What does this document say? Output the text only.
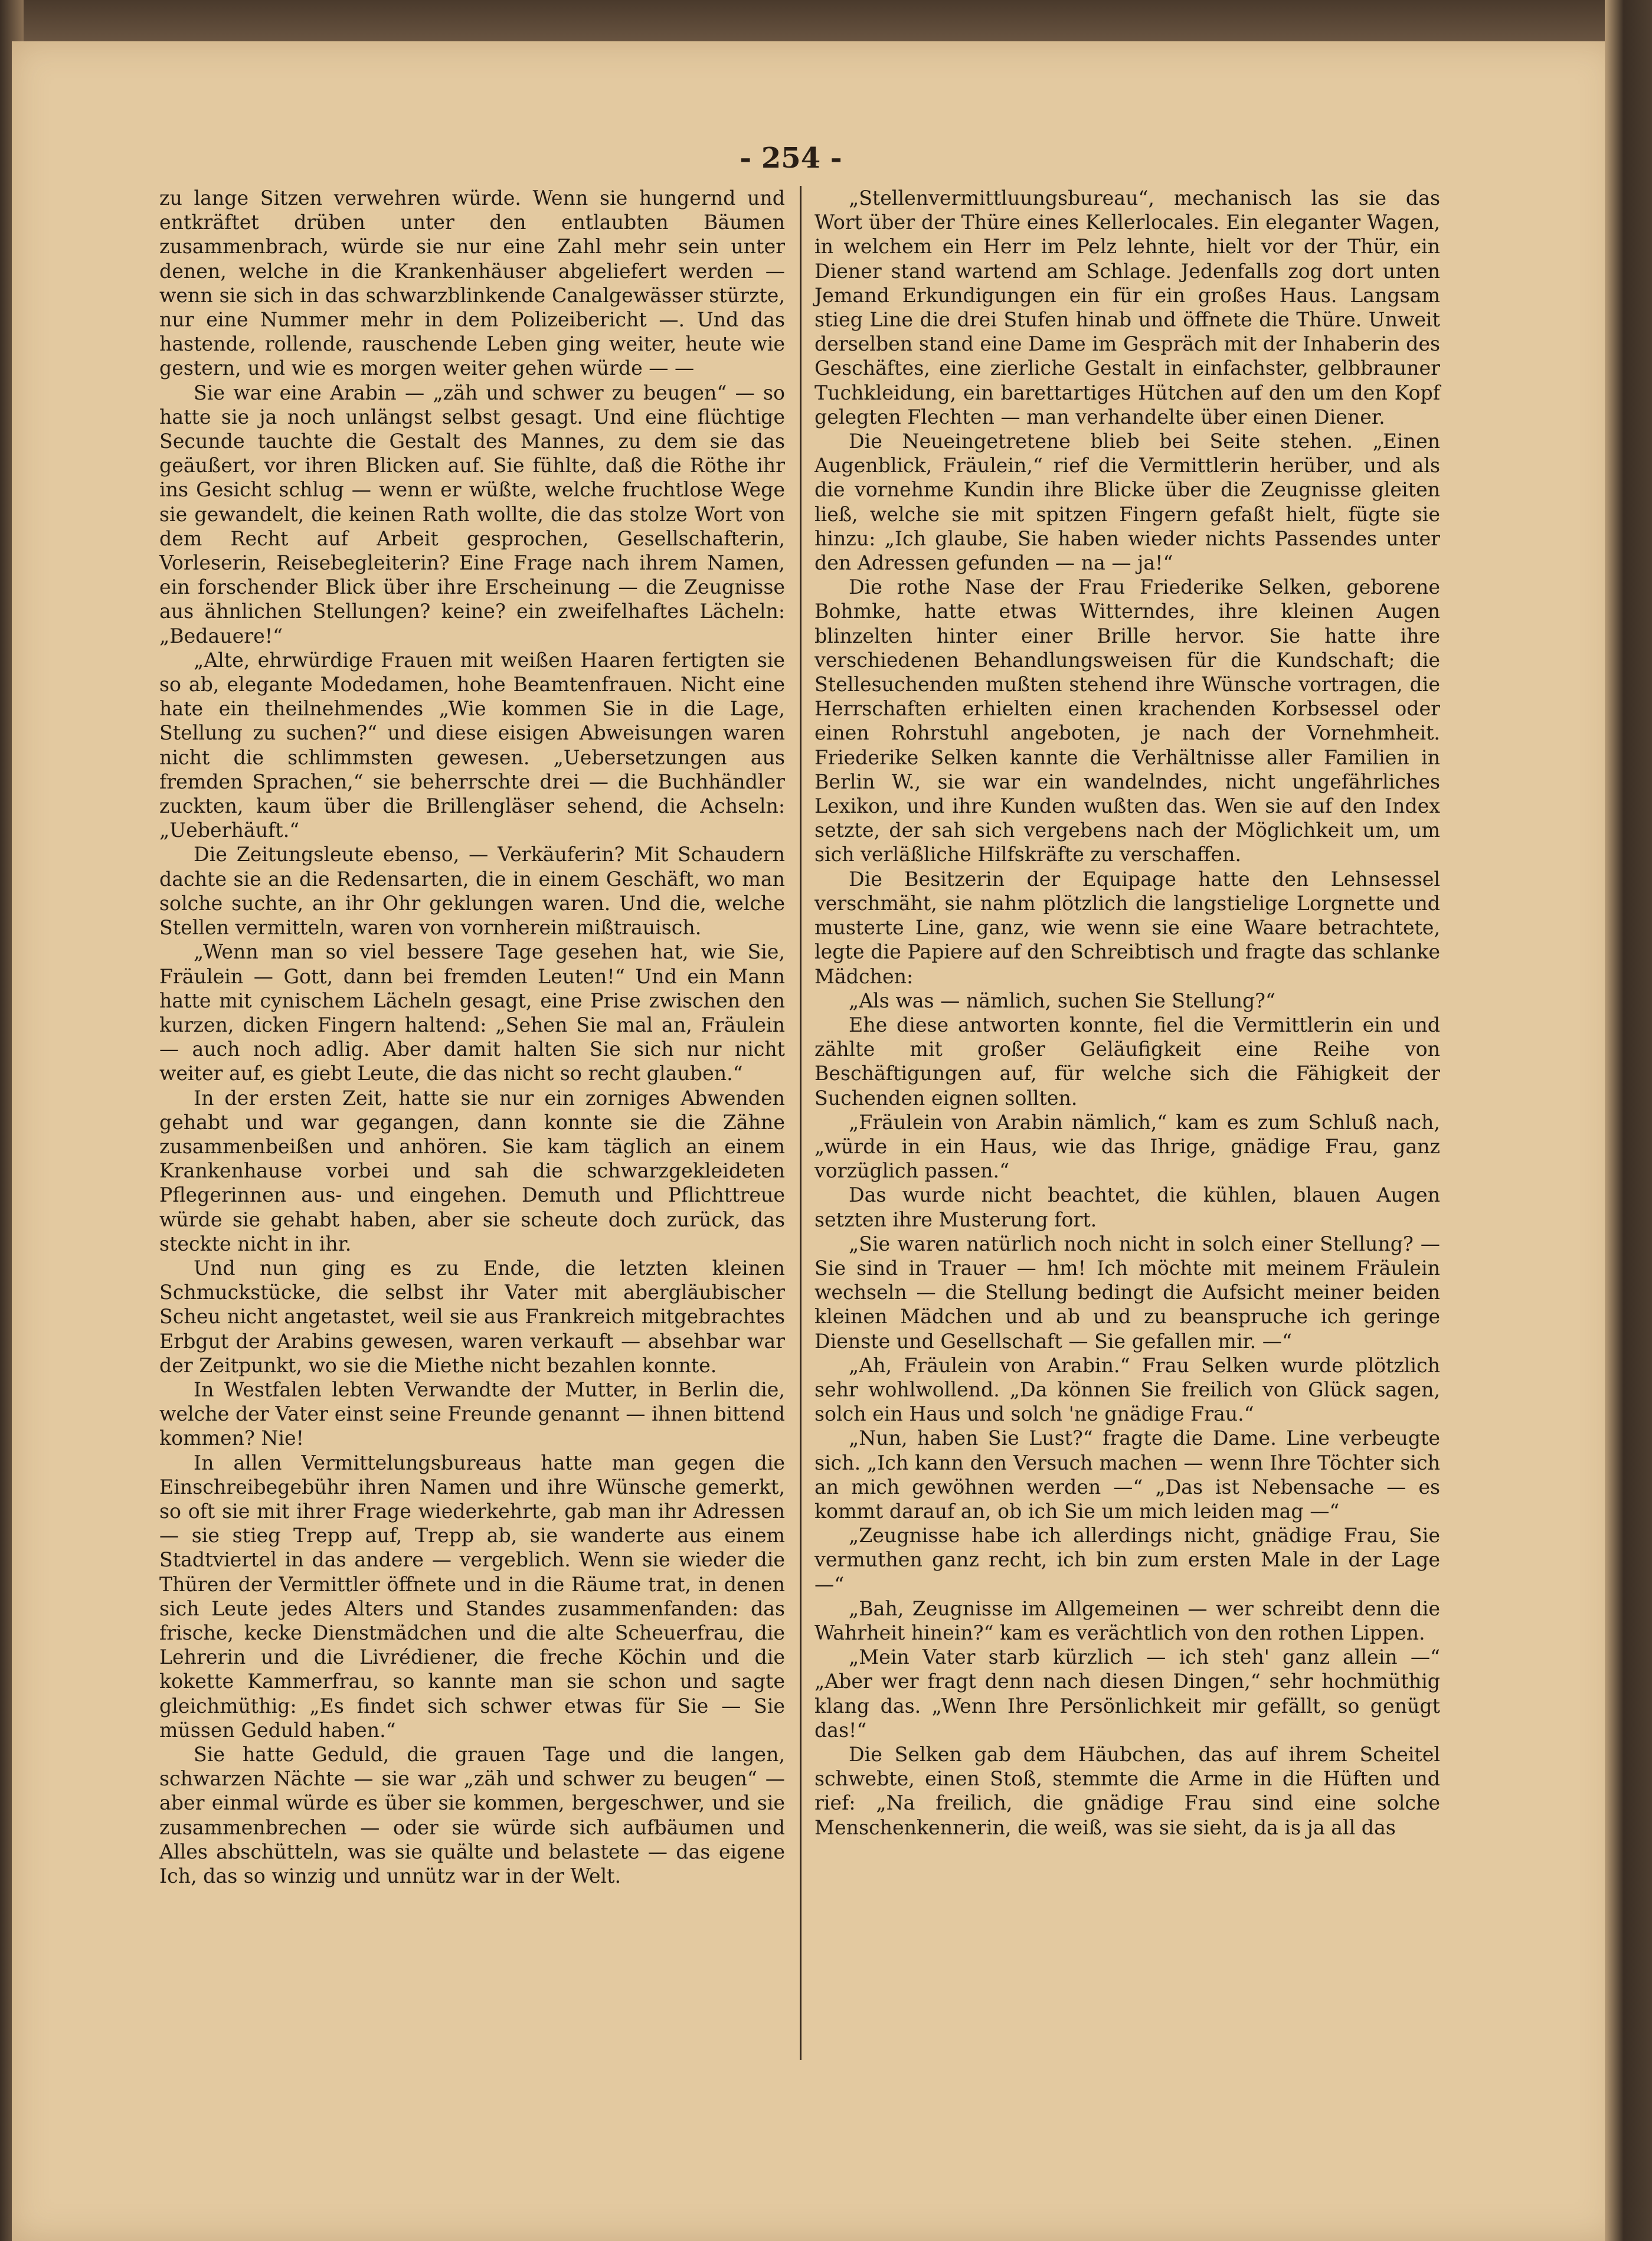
- 254 -

zu lange Sitzen verwehren würde. Wenn sie hungernd und entkräftet drüben unter den entlaubten Bäumen zusammenbrach, würde sie nur eine Zahl mehr sein unter denen, welche in die Krankenhäuser abgeliefert werden — wenn sie sich in das schwarzblinkende Canalgewässer stürzte, nur eine Nummer mehr in dem Polizeibericht —. Und das hastende, rollende, rauschende Leben ging weiter, heute wie gestern, und wie es morgen weiter gehen würde — —

Sie war eine Arabin — „zäh und schwer zu beugen“ — so hatte sie ja noch unlängst selbst gesagt. Und eine flüchtige Secunde tauchte die Gestalt des Mannes, zu dem sie das geäußert, vor ihren Blicken auf. Sie fühlte, daß die Röthe ihr ins Gesicht schlug — wenn er wüßte, welche fruchtlose Wege sie gewandelt, die keinen Rath wollte, die das stolze Wort von dem Recht auf Arbeit gesprochen, Gesellschafterin, Vorleserin, Reisebegleiterin? Eine Frage nach ihrem Namen, ein forschender Blick über ihre Erscheinung — die Zeugnisse aus ähnlichen Stellungen? keine? ein zweifelhaftes Lächeln: „Bedauere!“

„Alte, ehrwürdige Frauen mit weißen Haaren fertigten sie so ab, elegante Modedamen, hohe Beamtenfrauen. Nicht eine hate ein theilnehmendes „Wie kommen Sie in die Lage, Stellung zu suchen?“ und diese eisigen Abweisungen waren nicht die schlimmsten gewesen. „Uebersetzungen aus fremden Sprachen,“ sie beherrschte drei — die Buchhändler zuckten, kaum über die Brillengläser sehend, die Achseln: „Ueberhäuft.“

Die Zeitungsleute ebenso, — Verkäuferin? Mit Schaudern dachte sie an die Redensarten, die in einem Geschäft, wo man solche suchte, an ihr Ohr geklungen waren. Und die, welche Stellen vermitteln, waren von vornherein mißtrauisch.

„Wenn man so viel bessere Tage gesehen hat, wie Sie, Fräulein — Gott, dann bei fremden Leuten!“ Und ein Mann hatte mit cynischem Lächeln gesagt, eine Prise zwischen den kurzen, dicken Fingern haltend: „Sehen Sie mal an, Fräulein — auch noch adlig. Aber damit halten Sie sich nur nicht weiter auf, es giebt Leute, die das nicht so recht glauben.“

In der ersten Zeit, hatte sie nur ein zorniges Abwenden gehabt und war gegangen, dann konnte sie die Zähne zusammenbeißen und anhören. Sie kam täglich an einem Krankenhause vorbei und sah die schwarzgekleideten Pflegerinnen aus- und eingehen. Demuth und Pflichttreue würde sie gehabt haben, aber sie scheute doch zurück, das steckte nicht in ihr.

Und nun ging es zu Ende, die letzten kleinen Schmuckstücke, die selbst ihr Vater mit abergläubischer Scheu nicht angetastet, weil sie aus Frankreich mitgebrachtes Erbgut der Arabins gewesen, waren verkauft — absehbar war der Zeitpunkt, wo sie die Miethe nicht bezahlen konnte.

In Westfalen lebten Verwandte der Mutter, in Berlin die, welche der Vater einst seine Freunde genannt — ihnen bittend kommen? Nie!

In allen Vermittelungsbureaus hatte man gegen die Einschreibegebühr ihren Namen und ihre Wünsche gemerkt, so oft sie mit ihrer Frage wiederkehrte, gab man ihr Adressen — sie stieg Trepp auf, Trepp ab, sie wanderte aus einem Stadtviertel in das andere — vergeblich. Wenn sie wieder die Thüren der Vermittler öffnete und in die Räume trat, in denen sich Leute jedes Alters und Standes zusammenfanden: das frische, kecke Dienstmädchen und die alte Scheuerfrau, die Lehrerin und die Livrédiener, die freche Köchin und die kokette Kammerfrau, so kannte man sie schon und sagte gleichmüthig: „Es findet sich schwer etwas für Sie — Sie müssen Geduld haben.“

Sie hatte Geduld, die grauen Tage und die langen, schwarzen Nächte — sie war „zäh und schwer zu beugen“ — aber einmal würde es über sie kommen, bergeschwer, und sie zusammenbrechen — oder sie würde sich aufbäumen und Alles abschütteln, was sie quälte und belastete — das eigene Ich, das so winzig und unnütz war in der Welt.

„Stellenvermittluungsbureau“, mechanisch las sie das Wort über der Thüre eines Kellerlocales. Ein eleganter Wagen, in welchem ein Herr im Pelz lehnte, hielt vor der Thür, ein Diener stand wartend am Schlage. Jedenfalls zog dort unten Jemand Erkundigungen ein für ein großes Haus. Langsam stieg Line die drei Stufen hinab und öffnete die Thüre. Unweit derselben stand eine Dame im Gespräch mit der Inhaberin des Geschäftes, eine zierliche Gestalt in einfachster, gelbbrauner Tuchkleidung, ein barettartiges Hütchen auf den um den Kopf gelegten Flechten — man verhandelte über einen Diener.

Die Neueingetretene blieb bei Seite stehen. „Einen Augenblick, Fräulein,“ rief die Vermittlerin herüber, und als die vornehme Kundin ihre Blicke über die Zeugnisse gleiten ließ, welche sie mit spitzen Fingern gefaßt hielt, fügte sie hinzu: „Ich glaube, Sie haben wieder nichts Passendes unter den Adressen gefunden — na — ja!“

Die rothe Nase der Frau Friederike Selken, geborene Bohmke, hatte etwas Witterndes, ihre kleinen Augen blinzelten hinter einer Brille hervor. Sie hatte ihre verschiedenen Behandlungsweisen für die Kundschaft; die Stellesuchenden mußten stehend ihre Wünsche vortragen, die Herrschaften erhielten einen krachenden Korbsessel oder einen Rohrstuhl angeboten, je nach der Vornehmheit. Friederike Selken kannte die Verhältnisse aller Familien in Berlin W., sie war ein wandelndes, nicht ungefährliches Lexikon, und ihre Kunden wußten das. Wen sie auf den Index setzte, der sah sich vergebens nach der Möglichkeit um, um sich verläßliche Hilfskräfte zu verschaffen.

Die Besitzerin der Equipage hatte den Lehnsessel verschmäht, sie nahm plötzlich die langstielige Lorgnette und musterte Line, ganz, wie wenn sie eine Waare betrachtete, legte die Papiere auf den Schreibtisch und fragte das schlanke Mädchen:

„Als was — nämlich, suchen Sie Stellung?“

Ehe diese antworten konnte, fiel die Vermittlerin ein und zählte mit großer Geläufigkeit eine Reihe von Beschäftigungen auf, für welche sich die Fähigkeit der Suchenden eignen sollten.

„Fräulein von Arabin nämlich,“ kam es zum Schluß nach, „würde in ein Haus, wie das Ihrige, gnädige Frau, ganz vorzüglich passen.“

Das wurde nicht beachtet, die kühlen, blauen Augen setzten ihre Musterung fort.

„Sie waren natürlich noch nicht in solch einer Stellung? — Sie sind in Trauer — hm! Ich möchte mit meinem Fräulein wechseln — die Stellung bedingt die Aufsicht meiner beiden kleinen Mädchen und ab und zu beanspruche ich geringe Dienste und Gesellschaft — Sie gefallen mir. —“

„Ah, Fräulein von Arabin.“ Frau Selken wurde plötzlich sehr wohlwollend. „Da können Sie freilich von Glück sagen, solch ein Haus und solch 'ne gnädige Frau.“

„Nun, haben Sie Lust?“ fragte die Dame. Line verbeugte sich. „Ich kann den Versuch machen — wenn Ihre Töchter sich an mich gewöhnen werden —“ „Das ist Nebensache — es kommt darauf an, ob ich Sie um mich leiden mag —“

„Zeugnisse habe ich allerdings nicht, gnädige Frau, Sie vermuthen ganz recht, ich bin zum ersten Male in der Lage —“

„Bah, Zeugnisse im Allgemeinen — wer schreibt denn die Wahrheit hinein?“ kam es verächtlich von den rothen Lippen.

„Mein Vater starb kürzlich — ich steh' ganz allein —“ „Aber wer fragt denn nach diesen Dingen,“ sehr hochmüthig klang das. „Wenn Ihre Persönlichkeit mir gefällt, so genügt das!“

Die Selken gab dem Häubchen, das auf ihrem Scheitel schwebte, einen Stoß, stemmte die Arme in die Hüften und rief: „Na freilich, die gnädige Frau sind eine solche Menschenkennerin, die weiß, was sie sieht, da is ja all das
